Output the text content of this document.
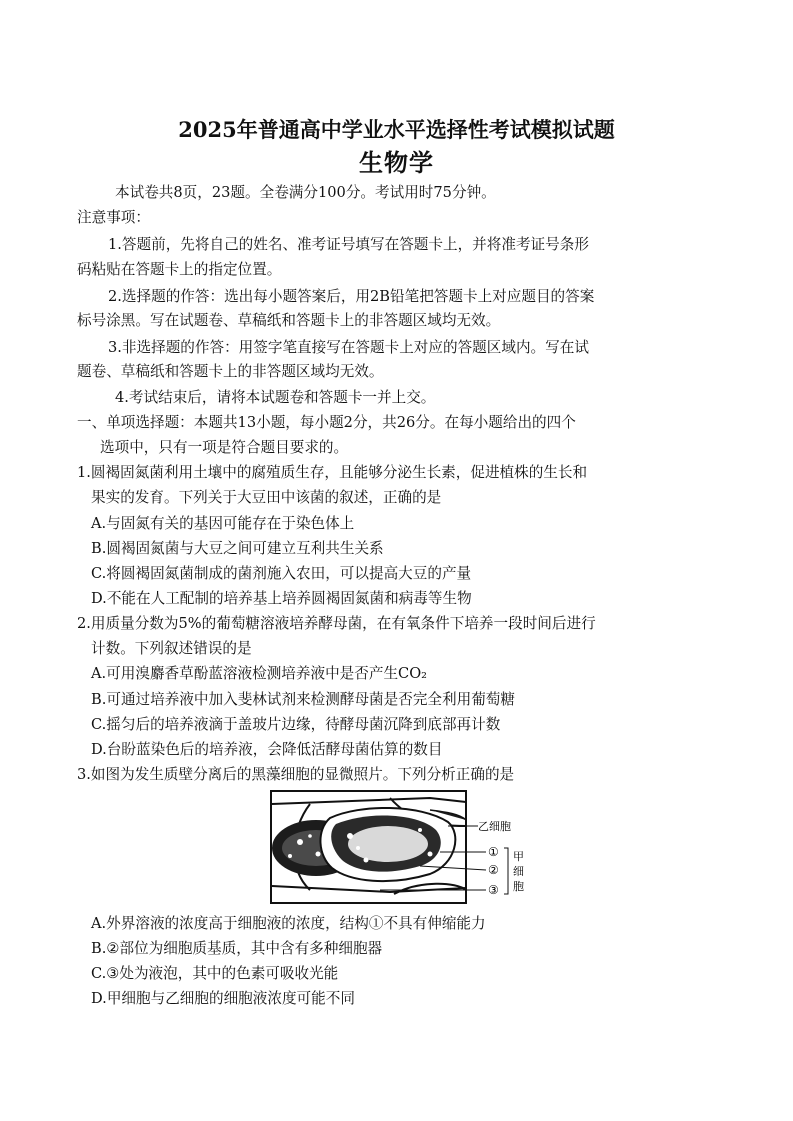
2025年普通高中学业水平选择性考试模拟试题
生物学
本试卷共8页，23题。全卷满分100分。考试用时75分钟。
注意事项：
1.答题前，先将自己的姓名、准考证号填写在答题卡上，并将准考证号条形
码粘贴在答题卡上的指定位置。
2.选择题的作答：选出每小题答案后，用2B铅笔把答题卡上对应题目的答案
标号涂黑。写在试题卷、草稿纸和答题卡上的非答题区域均无效。
3.非选择题的作答：用签字笔直接写在答题卡上对应的答题区域内。写在试
题卷、草稿纸和答题卡上的非答题区域均无效。
4.考试结束后，请将本试题卷和答题卡一并上交。
一、单项选择题：本题共13小题，每小题2分，共26分。在每小题给出的四个
选项中，只有一项是符合题目要求的。
1.圆褐固氮菌利用土壤中的腐殖质生存，且能够分泌生长素，促进植株的生长和
果实的发育。下列关于大豆田中该菌的叙述，正确的是
A.与固氮有关的基因可能存在于染色体上
B.圆褐固氮菌与大豆之间可建立互利共生关系
C.将圆褐固氮菌制成的菌剂施入农田，可以提高大豆的产量
D.不能在人工配制的培养基上培养圆褐固氮菌和病毒等生物
2.用质量分数为5%的葡萄糖溶液培养酵母菌，在有氧条件下培养一段时间后进行
计数。下列叙述错误的是
A.可用溴麝香草酚蓝溶液检测培养液中是否产生CO₂
B.可通过培养液中加入斐林试剂来检测酵母菌是否完全利用葡萄糖
C.摇匀后的培养液滴于盖玻片边缘，待酵母菌沉降到底部再计数
D.台盼蓝染色后的培养液，会降低活酵母菌估算的数目
3.如图为发生质壁分离后的黑藻细胞的显微照片。下列分析正确的是
乙细胞
①
②
③
甲
细
胞
A.外界溶液的浓度高于细胞液的浓度，结构①不具有伸缩能力
B.②部位为细胞质基质，其中含有多种细胞器
C.③处为液泡，其中的色素可吸收光能
D.甲细胞与乙细胞的细胞液浓度可能不同
